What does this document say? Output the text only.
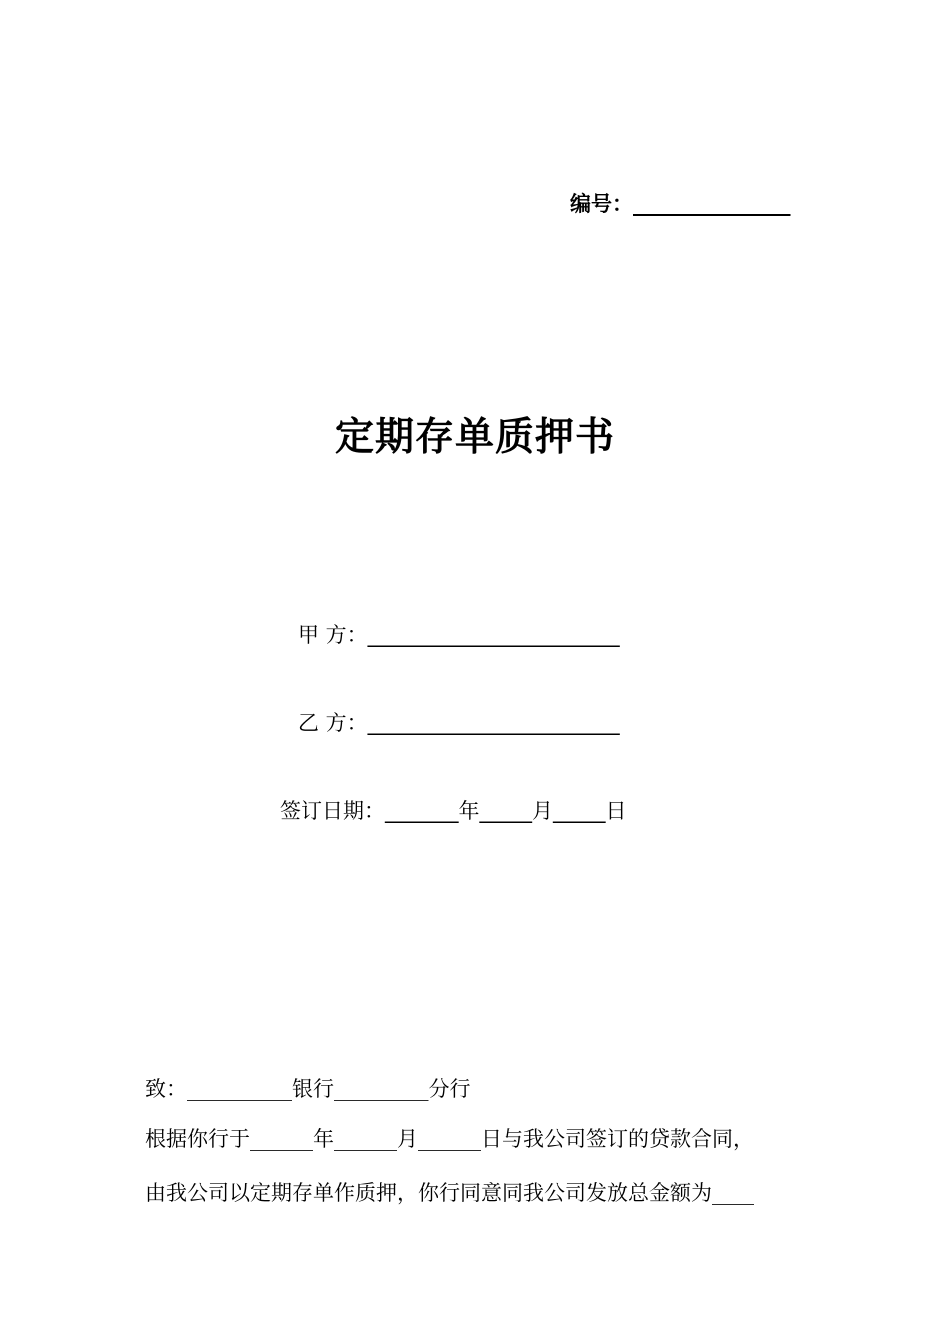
编号：_______________
定期存单质押书
甲 方：________________________
乙 方：________________________
签订日期：_______年_____月_____日
致：__________银行_________分行
根据你行于______年______月______日与我公司签订的贷款合同，
由我公司以定期存单作质押，你行同意同我公司发放总金额为____
